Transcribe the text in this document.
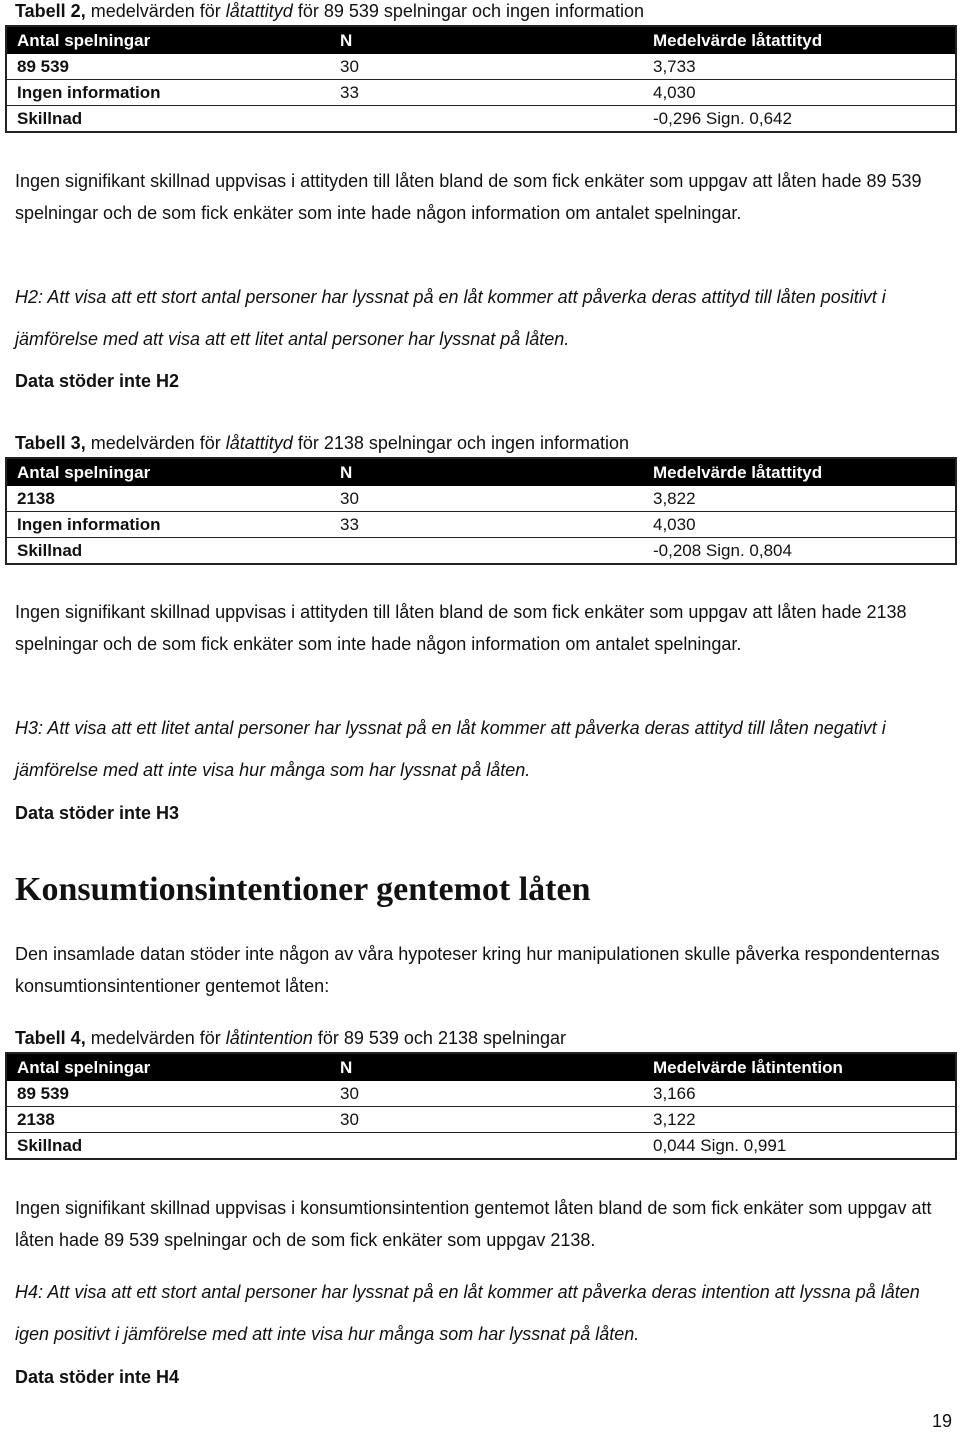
Tabell 2, medelvärden för låtattityd för 89 539 spelningar och ingen information
Antal spelningar	N	Medelvärde låtattityd
89 539	30	3,733
Ingen information	33	4,030
Skillnad		-0,296 Sign. 0,642
Ingen signifikant skillnad uppvisas i attityden till låten bland de som fick enkäter som uppgav att låten hade 89 539 spelningar och de som fick enkäter som inte hade någon information om antalet spelningar.
H2: Att visa att ett stort antal personer har lyssnat på en låt kommer att påverka deras attityd till låten positivt i jämförelse med att visa att ett litet antal personer har lyssnat på låten.
Data stöder inte H2
Tabell 3, medelvärden för låtattityd för 2138 spelningar och ingen information
Antal spelningar	N	Medelvärde låtattityd
2138	30	3,822
Ingen information	33	4,030
Skillnad		-0,208 Sign. 0,804
Ingen signifikant skillnad uppvisas i attityden till låten bland de som fick enkäter som uppgav att låten hade 2138 spelningar och de som fick enkäter som inte hade någon information om antalet spelningar.
H3: Att visa att ett litet antal personer har lyssnat på en låt kommer att påverka deras attityd till låten negativt i jämförelse med att inte visa hur många som har lyssnat på låten.
Data stöder inte H3
Konsumtionsintentioner gentemot låten
Den insamlade datan stöder inte någon av våra hypoteser kring hur manipulationen skulle påverka respondenternas konsumtionsintentioner gentemot låten:
Tabell 4, medelvärden för låtintention för 89 539 och 2138 spelningar
Antal spelningar	N	Medelvärde låtintention
89 539	30	3,166
2138	30	3,122
Skillnad		0,044 Sign. 0,991
Ingen signifikant skillnad uppvisas i konsumtionsintention gentemot låten bland de som fick enkäter som uppgav att låten hade 89 539 spelningar och de som fick enkäter som uppgav 2138.
H4: Att visa att ett stort antal personer har lyssnat på en låt kommer att påverka deras intention att lyssna på låten igen positivt i jämförelse med att inte visa hur många som har lyssnat på låten.
Data stöder inte H4
19
